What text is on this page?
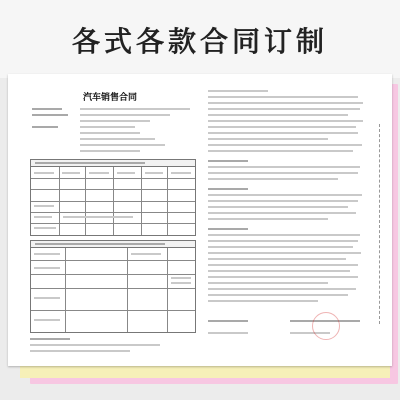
各式各款合同订制
汽车销售合同
